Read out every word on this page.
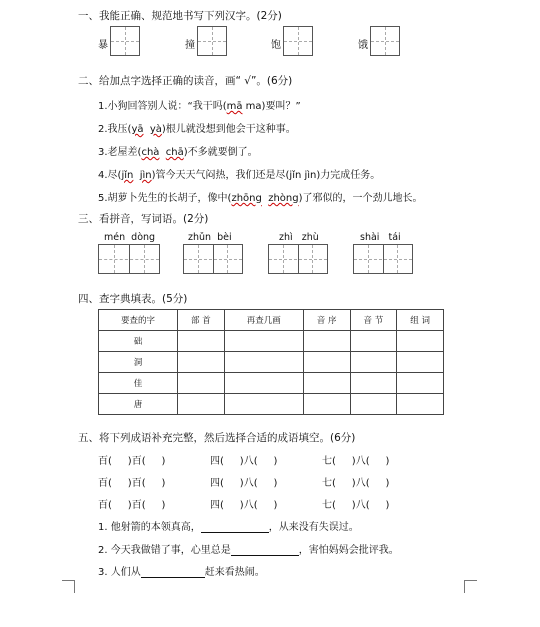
一、我能正确、规范地书写下列汉字。(2分)
暴	撞	饱	饿
二、给加点字选择正确的读音，画“ √”。(6分)
1.小狗回答别人说：“我干吗(mā ma)要叫？”
2.我压(yā yà)根儿就没想到他会干这种事。
3.老屋差(chà chā)不多就要倒了。
4.尽(jǐn jìn)管今天天气闷热，我们还是尽(jǐn jìn)力完成任务。
5.胡萝卜先生的长胡子，像中(zhōng zhòng)了邪似的，一个劲儿地长。
三、看拼音，写词语。(2分)
mén dòng	zhǔn bèi	zhì zhù	shài tái
四、查字典填表。(5分)
要查的字	部 首	再查几画	音 序	音 节	组 词
础					
洞					
佳					
唐					
五、将下列成语补充完整，然后选择合适的成语填空。(6分)
百(     )百(     )	四(     )八(     )	七(     )八(     )
百(     )百(     )	四(     )八(     )	七(     )八(     )
百(     )百(     )	四(     )八(     )	七(     )八(     )
1. 他射箭的本领真高，	，从来没有失误过。
2. 今天我做错了事，心里总是	，害怕妈妈会批评我。
3. 人们从	赶来看热闹。
